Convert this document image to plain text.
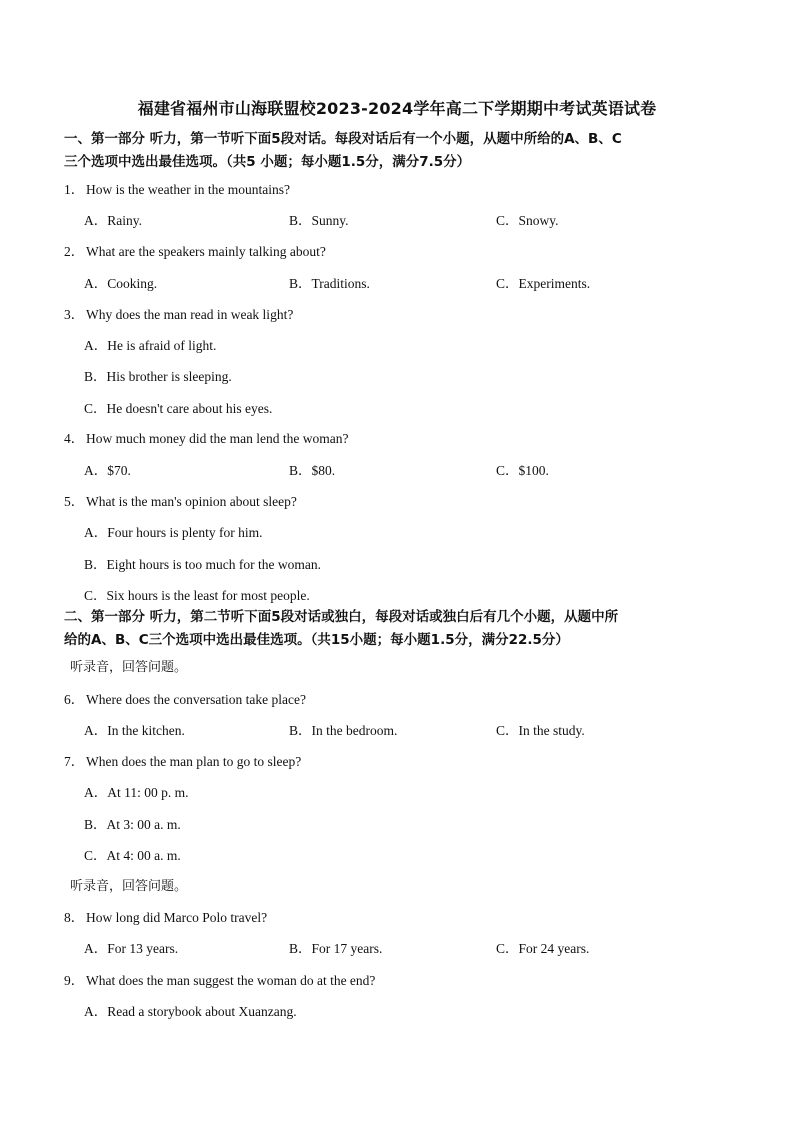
福建省福州市山海联盟校2023-2024学年高二下学期期中考试英语试卷
一、第一部分 听力，第一节听下面5段对话。每段对话后有一个小题，从题中所给的A、B、C
三个选项中选出最佳选项。（共5 小题；每小题1.5分，满分7.5分）
1． How is the weather in the mountains?
A．Rainy.	B．Sunny.	C．Snowy.
2． What are the speakers mainly talking about?
A．Cooking.	B．Traditions.	C．Experiments.
3． Why does the man read in weak light?
A．He is afraid of light.
B．His brother is sleeping.
C．He doesn't care about his eyes.
4． How much money did the man lend the woman?
A．$70.	B．$80.	C．$100.
5． What is the man's opinion about sleep?
A．Four hours is plenty for him.
B．Eight hours is too much for the woman.
C．Six hours is the least for most people.
二、第一部分 听力，第二节听下面5段对话或独白，每段对话或独白后有几个小题，从题中所
给的A、B、C三个选项中选出最佳选项。（共15小题；每小题1.5分，满分22.5分）
听录音，回答问题。
6． Where does the conversation take place?
A．In the kitchen.	B．In the bedroom.	C．In the study.
7． When does the man plan to go to sleep?
A．At 11: 00 p. m.
B．At 3: 00 a. m.
C．At 4: 00 a. m.
听录音，回答问题。
8． How long did Marco Polo travel?
A．For 13 years.	B．For 17 years.	C．For 24 years.
9． What does the man suggest the woman do at the end?
A．Read a storybook about Xuanzang.
